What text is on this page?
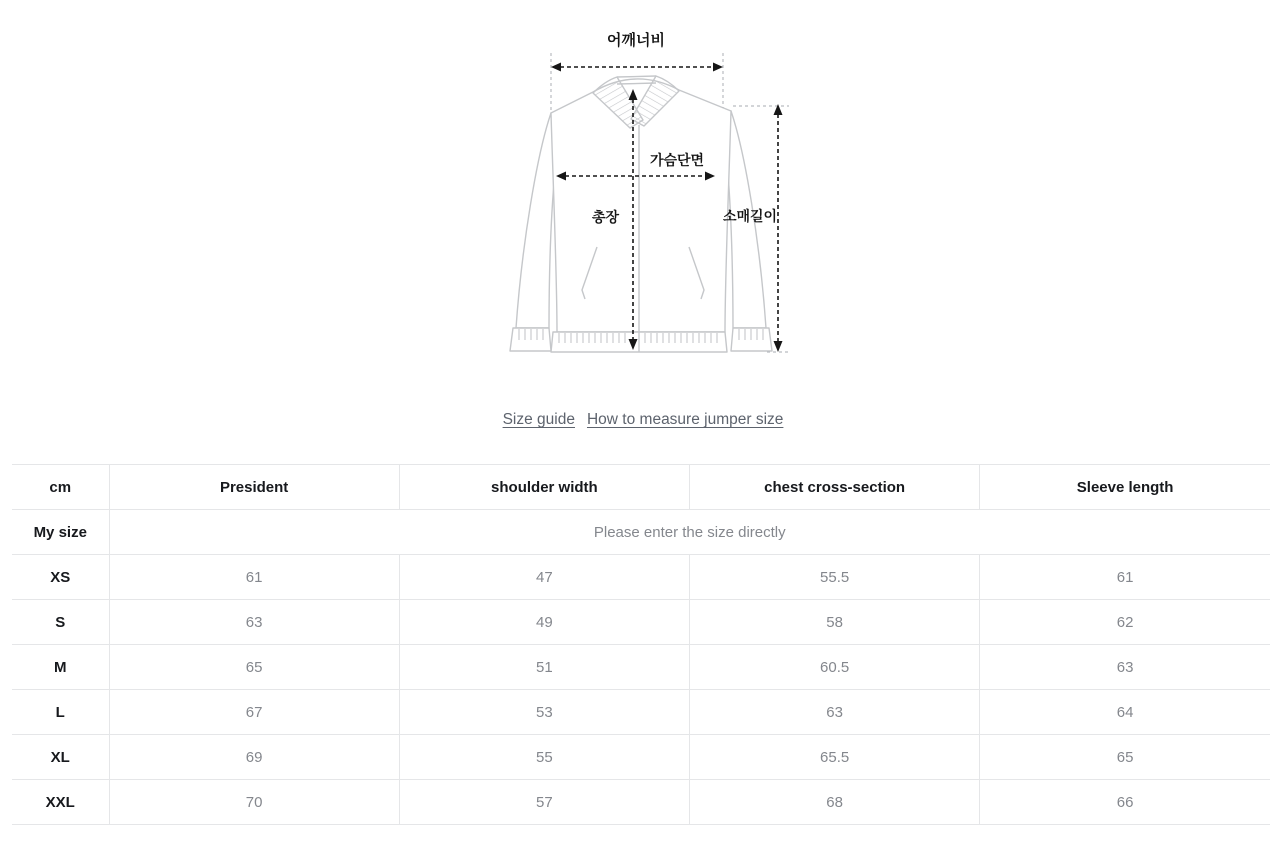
어깨너비
가슴단면
총장	소매길이
Size guide How to measure jumper size
cm	President	shoulder width	chest cross-section	Sleeve length
My size	Please enter the size directly			
XS	61	47	55.5	61
S	63	49	58	62
M	65	51	60.5	63
L	67	53	63	64
XL	69	55	65.5	65
XXL	70	57	68	66
